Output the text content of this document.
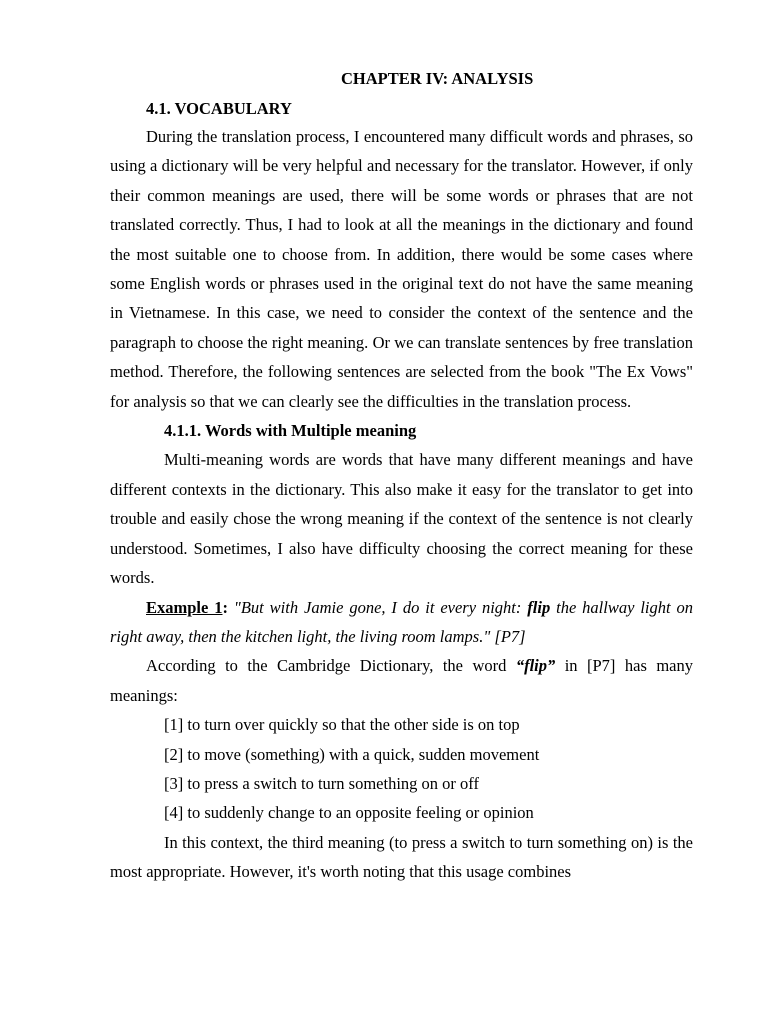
CHAPTER IV: ANALYSIS

4.1. VOCABULARY

During the translation process, I encountered many difficult words and phrases, so using a dictionary will be very helpful and necessary for the translator. However, if only their common meanings are used, there will be some words or phrases that are not translated correctly. Thus, I had to look at all the meanings in the dictionary and found the most suitable one to choose from. In addition, there would be some cases where some English words or phrases used in the original text do not have the same meaning in Vietnamese. In this case, we need to consider the context of the sentence and the paragraph to choose the right meaning. Or we can translate sentences by free translation method. Therefore, the following sentences are selected from the book "The Ex Vows" for analysis so that we can clearly see the difficulties in the translation process.

4.1.1. Words with Multiple meaning

Multi-meaning words are words that have many different meanings and have different contexts in the dictionary. This also make it easy for the translator to get into trouble and easily chose the wrong meaning if the context of the sentence is not clearly understood. Sometimes, I also have difficulty choosing the correct meaning for these words.

Example 1: "But with Jamie gone, I do it every night: flip the hallway light on right away, then the kitchen light, the living room lamps." [P7]

According to the Cambridge Dictionary, the word “flip” in [P7] has many meanings:

[1] to turn over quickly so that the other side is on top
[2] to move (something) with a quick, sudden movement
[3] to press a switch to turn something on or off
[4] to suddenly change to an opposite feeling or opinion

In this context, the third meaning (to press a switch to turn something on) is the most appropriate. However, it's worth noting that this usage combines
